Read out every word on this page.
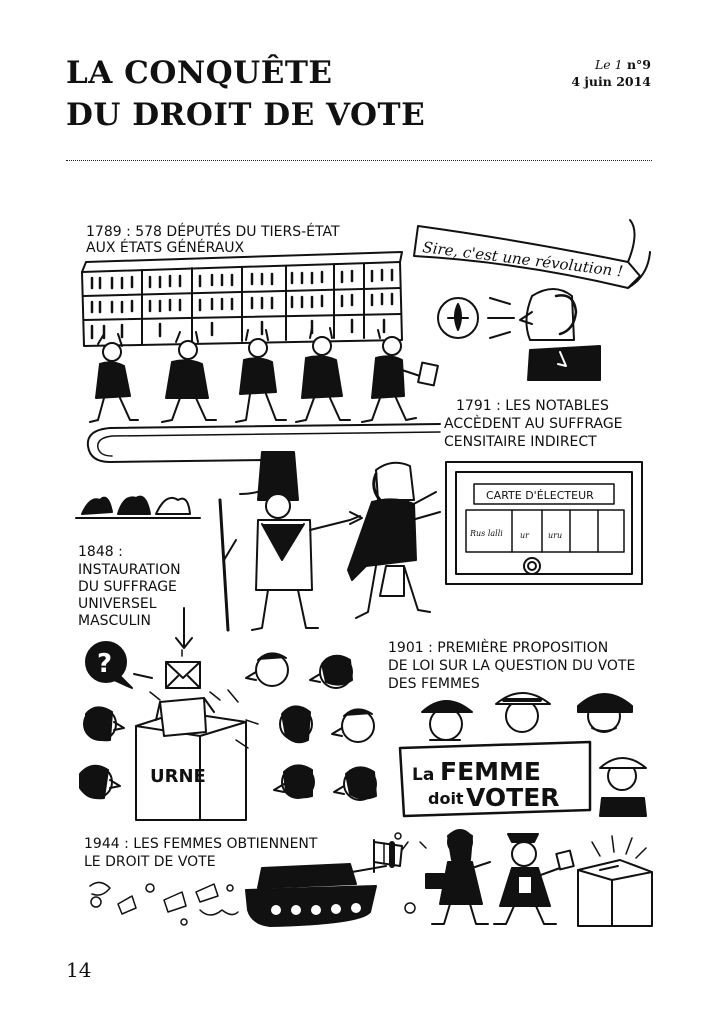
LA CONQUÊTE
DU DROIT DE VOTE
Le 1 n°9
4 juin 2014
1789 : 578 DÉPUTÉS DU TIERS-ÉTAT
AUX ÉTATS GÉNÉRAUX	Sire, c'est une révolution !
1791 : LES NOTABLES
ACCÈDENT AU SUFFRAGE
CENSITAIRE INDIRECT
CARTE D'ÉLECTEUR
Rus lalli ur uru
1848 :
INSTAURATION
DU SUFFRAGE
UNIVERSEL
MASCULIN
?
URNE
1901 : PREMIÈRE PROPOSITION
DE LOI SUR LA QUESTION DU VOTE
DES FEMMES
La FEMME
doit VOTER
1944 : LES FEMMES OBTIENNENT
LE DROIT DE VOTE
14
